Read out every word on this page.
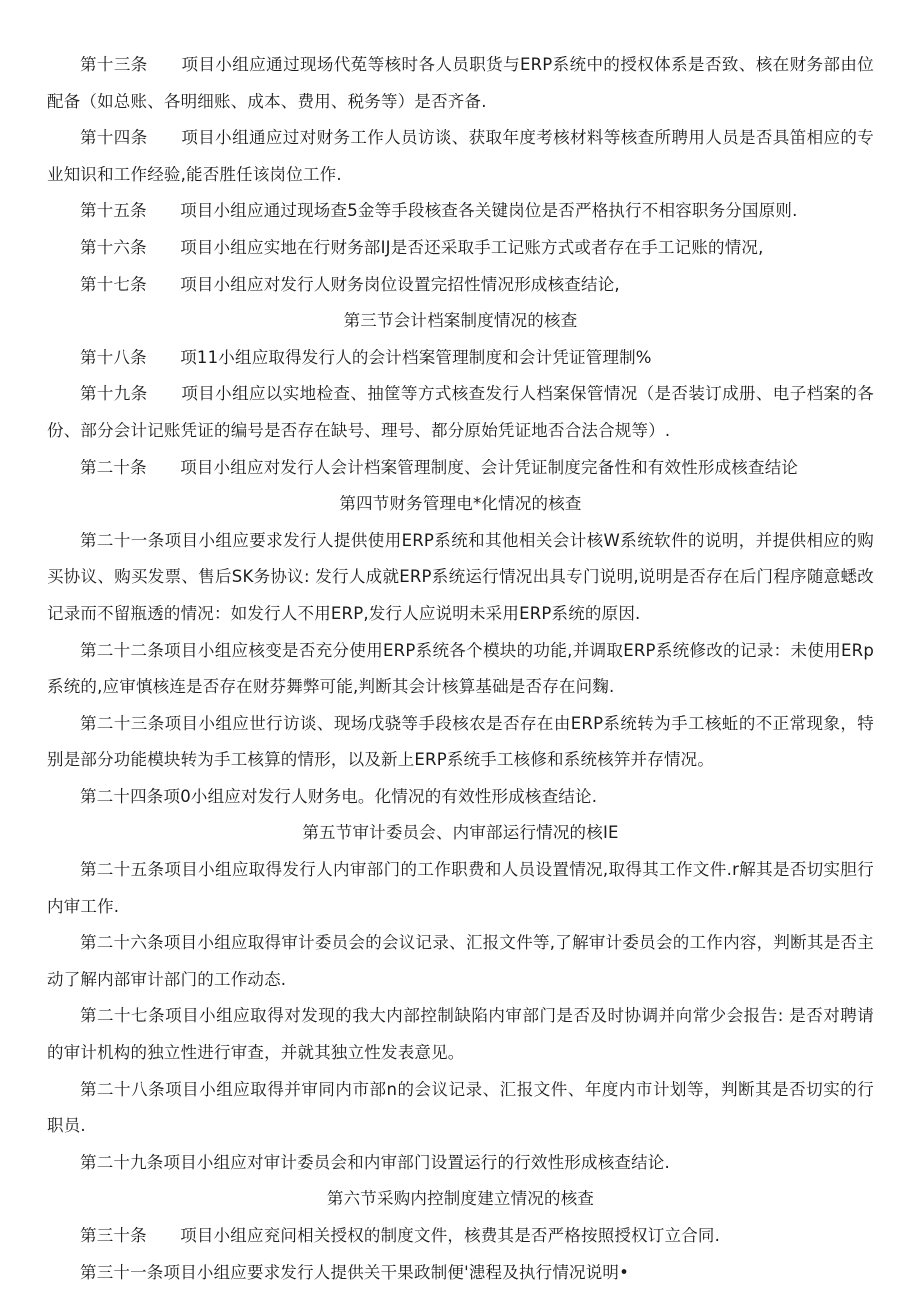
第十三条　　项目小组应通过现场代莬等核时各人员职货与ERP系统中的授权体系是否致、核在财务部由位配备（如总账、各明细账、成本、费用、税务等）是否齐备.

第十四条　　项目小组通应过对财务工作人员访谈、获取年度考核材料等核查所聘用人员是否具笛相应的专业知识和工作经验,能否胜任该岗位工作.

第十五条　　项目小组应通过现场查5金等手段核查各关键岗位是否严格执行不相容职务分国原则.

第十六条　　项目小组应实地在行财务部IJ是否还采取手工记账方式或者存在手工记账的情况,

第十七条　　项目小组应对发行人财务岗位设置完招性情况形成核查结论,

第三节会计档案制度情况的核查

第十八条　　项11小组应取得发行人的会计档案管理制度和会计凭证管理制%

第十九条　　项目小组应以实地检查、抽筐等方式核查发行人档案保管情况（是否装订成册、电子档案的各份、部分会计记账凭证的编号是否存在缺号、理号、都分原始凭证地否合法合规等）.

第二十条　　项目小组应对发行人会计档案管理制度、会计凭证制度完备性和有效性形成核查结论

第四节财务管理电*化情况的核查

第二十一条项目小组应要求发行人提供使用ERP系统和其他相关会计核W系统软件的说明，并提供相应的购买协议、购买发票、售后SK务协议: 发行人成就ERP系统运行情况出具专门说明,说明是否存在后门程序随意蟋改记录而不留瓶透的情况：如发行人不用ERP,发行人应说明未采用ERP系统的原因.

第二十二条项目小组应核变是否充分使用ERP系统各个模块的功能,并调取ERP系统修改的记录：未使用ERp系统的,应审慎核连是否存在财芬舞弊可能,判断其会计核算基础是否存在问麴.

第二十三条项目小组应世行访谈、现场戊骁等手段核农是否存在由ERP系统转为手工核蚯的不正常现象，特别是部分功能模块转为手工核算的情形，以及新上ERP系统手工核修和系统核笄并存情况。

第二十四条项0小组应对发行人财务电。化情况的有效性形成核查结论.

第五节审计委员会、内审部运行情况的核IE

第二十五条项目小组应取得发行人内审部门的工作职费和人员设置情况,取得其工作文件.r解其是否切实胆行内审工作.

第二十六条项目小组应取得审计委员会的会议记录、汇报文件等,了解审计委员会的工作内容，判断其是否主动了解内部审计部门的工作动态.

第二十七条项目小组应取得对发现的我大内部控制缺陷内审部门是否及时协调并向常少会报告: 是否对聘请的审计机构的独立性进行审查，并就其独立性发表意见。

第二十八条项目小组应取得并审同内市部n的会议记录、汇报文件、年度内市计划等，判断其是否切实的行职员.

第二十九条项目小组应对审计委员会和内审部门设置运行的行效性形成核查结论.

第六节采购内控制度建立情况的核查

第三十条　　项目小组应兖问相关授权的制度文件，核费其是否严格按照授权订立合同.

第三十一条项目小组应要求发行人提供关干果政制便'漶程及执行情况说明•
